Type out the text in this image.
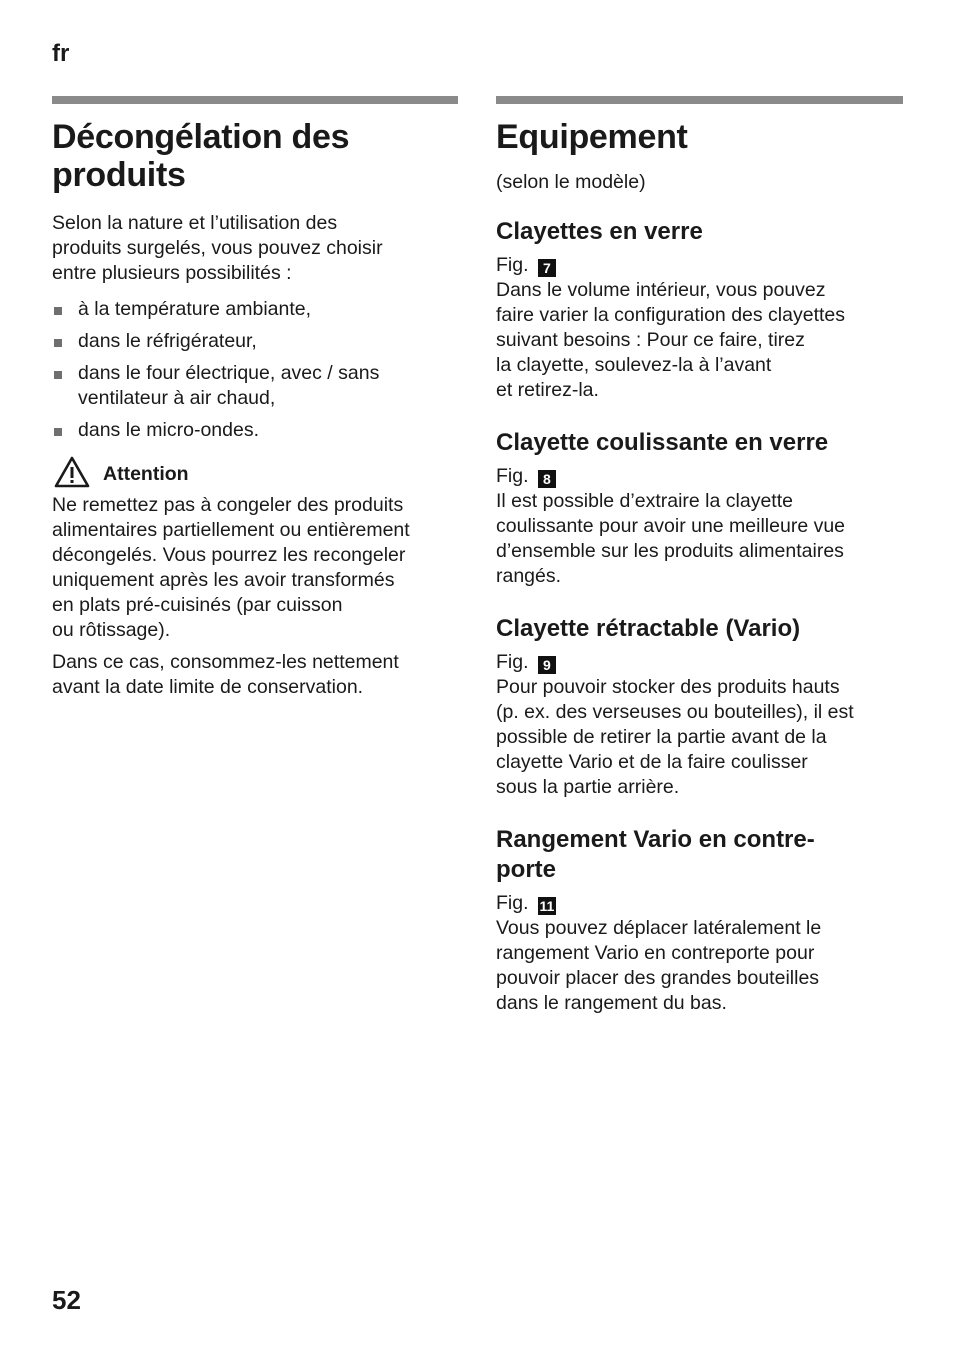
fr
Décongélation des
produits

Selon la nature et l’utilisation des
produits surgelés, vous pouvez choisir
entre plusieurs possibilités :

à la température ambiante,
dans le réfrigérateur,
dans le four électrique, avec / sans
ventilateur à air chaud,
dans le micro-ondes.
Attention

Ne remettez pas à congeler des produits
alimentaires partiellement ou entièrement
décongelés. Vous pourrez les recongeler
uniquement après les avoir transformés
en plats pré-cuisinés (par cuisson
ou rôtissage).

Dans ce cas, consommez-les nettement
avant la date limite de conservation.

Equipement

(selon le modèle)

Clayettes en verre
Fig. 7

Dans le volume intérieur, vous pouvez
faire varier la configuration des clayettes
suivant besoins : Pour ce faire, tirez
la clayette, soulevez-la à l’avant
et retirez-la.

Clayette coulissante en verre
Fig. 8

Il est possible d’extraire la clayette
coulissante pour avoir une meilleure vue
d’ensemble sur les produits alimentaires
rangés.

Clayette rétractable (Vario)
Fig. 9

Pour pouvoir stocker des produits hauts
(p. ex. des verseuses ou bouteilles), il est
possible de retirer la partie avant de la
clayette Vario et de la faire coulisser
sous la partie arrière.

Rangement Vario en contre-
porte
Fig. 11

Vous pouvez déplacer latéralement le
rangement Vario en contreporte pour
pouvoir placer des grandes bouteilles
dans le rangement du bas.

52
